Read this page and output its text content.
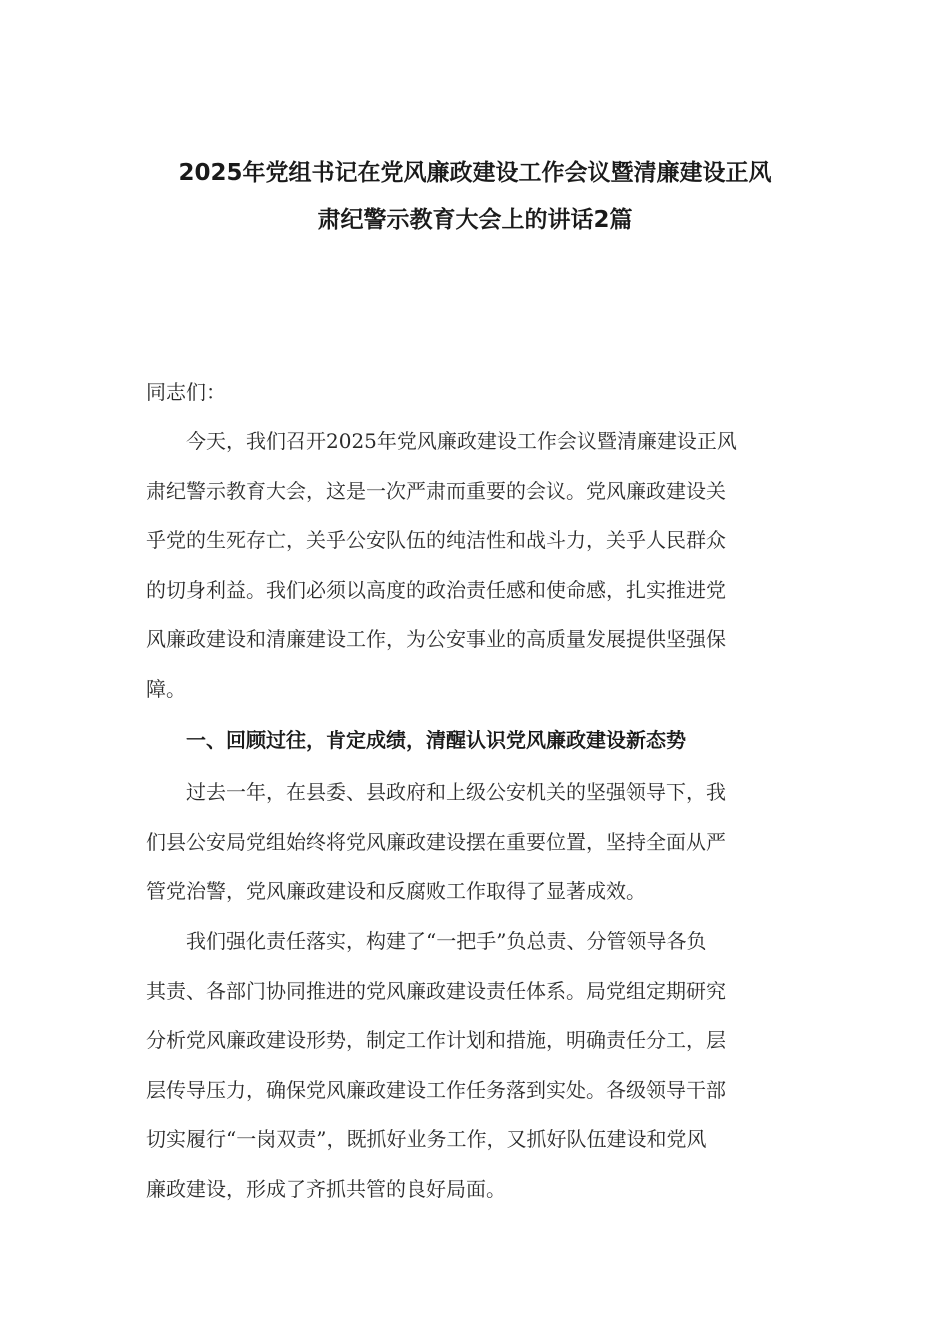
2025年党组书记在党风廉政建设工作会议暨清廉建设正风
肃纪警示教育大会上的讲话2篇

同志们：

今天，我们召开2025年党风廉政建设工作会议暨清廉建设正风
肃纪警示教育大会，这是一次严肃而重要的会议。党风廉政建设关
乎党的生死存亡，关乎公安队伍的纯洁性和战斗力，关乎人民群众
的切身利益。我们必须以高度的政治责任感和使命感，扎实推进党
风廉政建设和清廉建设工作，为公安事业的高质量发展提供坚强保
障。

一、回顾过往，肯定成绩，清醒认识党风廉政建设新态势

过去一年，在县委、县政府和上级公安机关的坚强领导下，我
们县公安局党组始终将党风廉政建设摆在重要位置，坚持全面从严
管党治警，党风廉政建设和反腐败工作取得了显著成效。

我们强化责任落实，构建了“一把手”负总责、分管领导各负
其责、各部门协同推进的党风廉政建设责任体系。局党组定期研究
分析党风廉政建设形势，制定工作计划和措施，明确责任分工，层
层传导压力，确保党风廉政建设工作任务落到实处。各级领导干部
切实履行“一岗双责”，既抓好业务工作，又抓好队伍建设和党风
廉政建设，形成了齐抓共管的良好局面。
